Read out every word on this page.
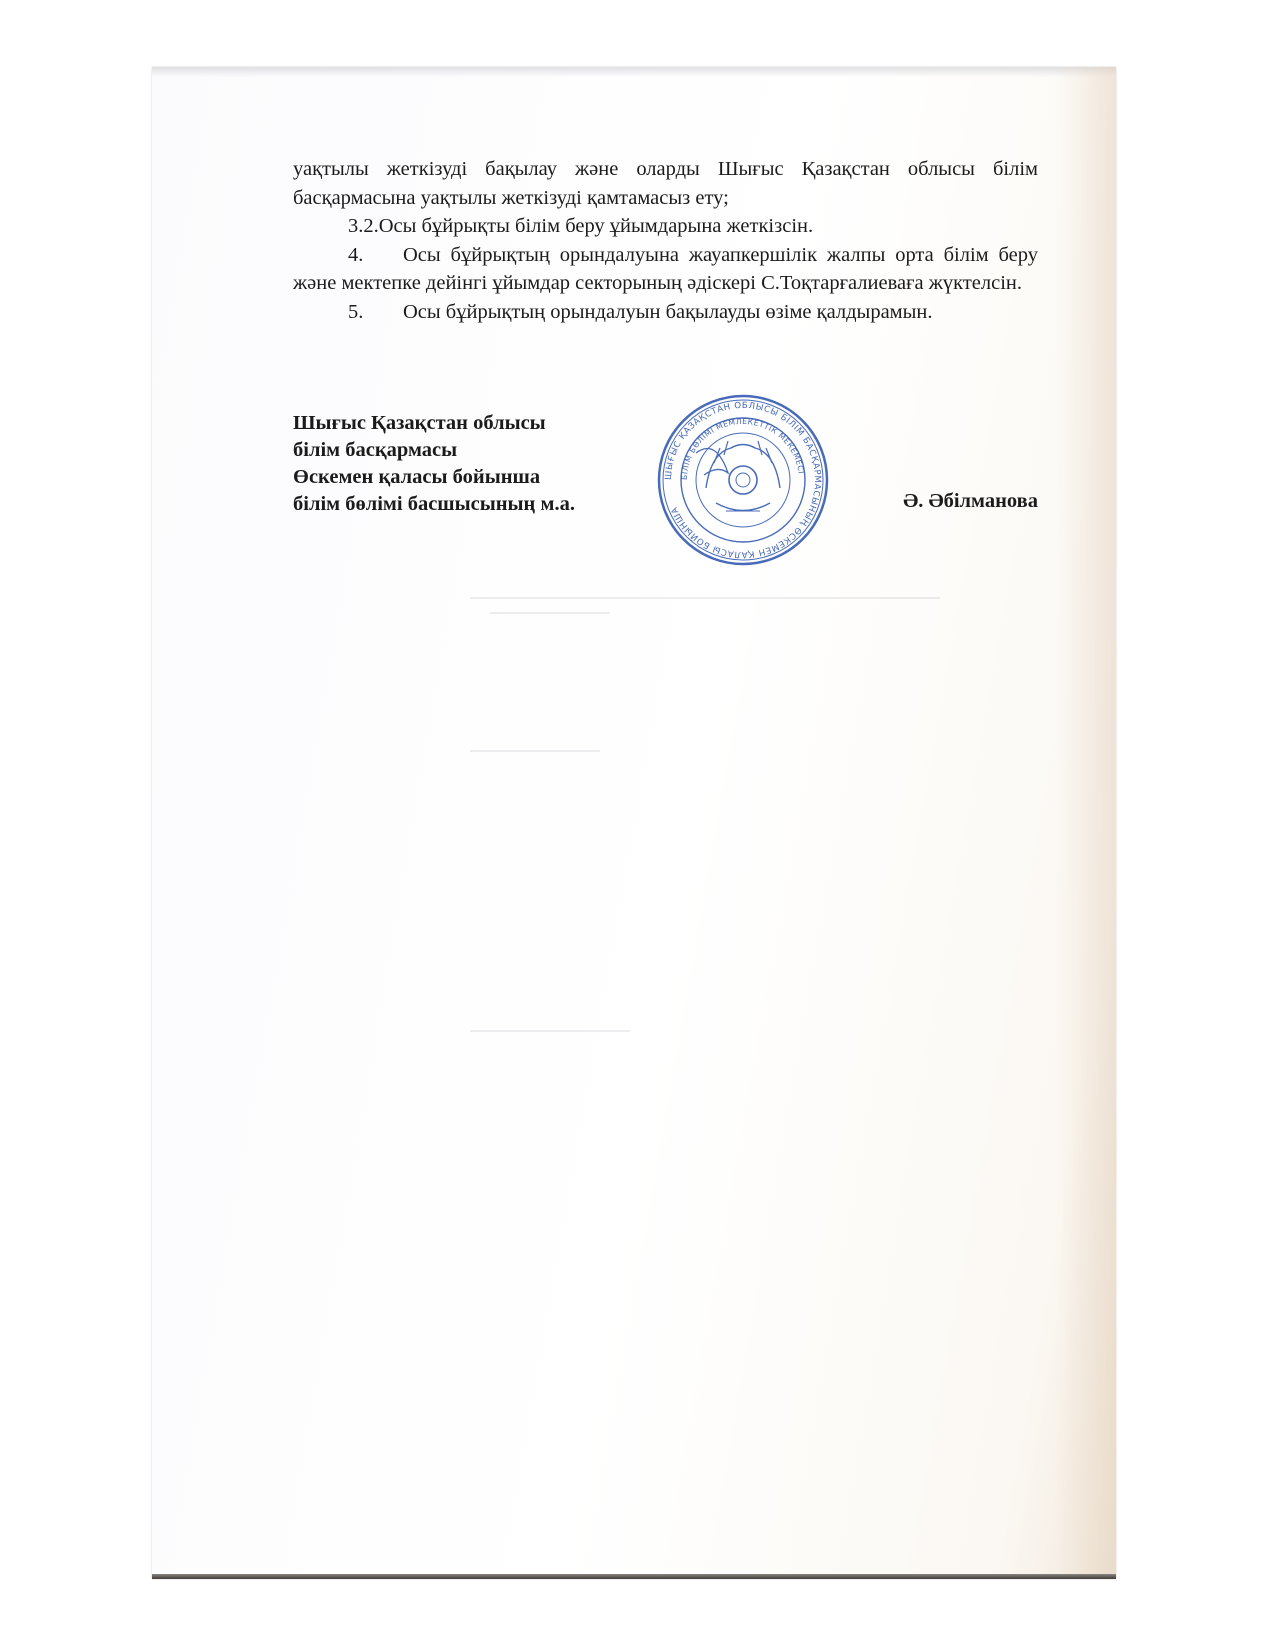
уақтылы жеткізуді бақылау және оларды Шығыс Қазақстан облысы білім басқармасына уақтылы жеткізуді қамтамасыз ету;

3.2.Осы бұйрықты білім беру ұйымдарына жеткізсін.

4. Осы бұйрықтың орындалуына жауапкершілік жалпы орта білім беру және мектепке дейінгі ұйымдар секторының әдіскері С.Тоқтарғалиеваға жүктелсін.

5. Осы бұйрықтың орындалуын бақылауды өзіме қалдырамын.

Шығыс Қазақстан облысы
білім басқармасы
Өскемен қаласы бойынша
білім бөлімі басшысының м.а.	Ә. Әбілманова
ШЫҒЫС ҚАЗАҚСТАН ОБЛЫСЫ БІЛІМ БАСҚАРМАСЫНЫҢ ӨСКЕМЕН ҚАЛАСЫ БОЙЫНША
БІЛІМ БӨЛІМІ МЕМЛЕКЕТТІК МЕКЕМЕСІ
